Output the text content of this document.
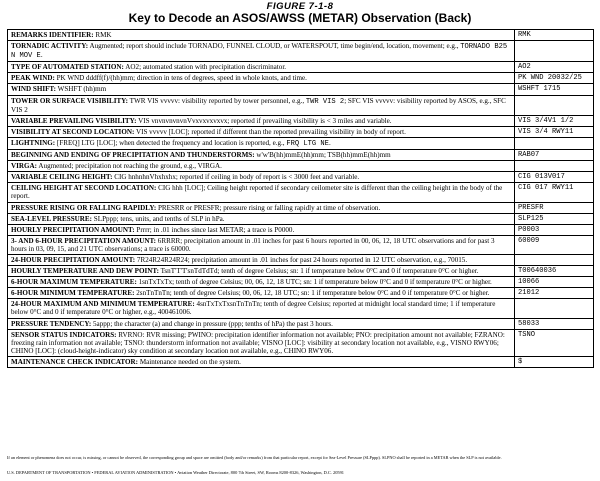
FIGURE 7-1-8
Key to Decode an ASOS/AWSS (METAR) Observation (Back)
REMARKS IDENTIFIER: RMK	RMK
TORNADIC ACTIVITY: Augmented; report should include TORNADO, FUNNEL CLOUD, or WATERSPOUT, time begin/end, location, movement; e.g., TORNADO B25 N MOV E.	
TYPE OF AUTOMATED STATION: AO2; automated station with precipitation discriminator.	AO2
PEAK WIND: PK WND dddff(f)/(hh)mm; direction in tens of degrees, speed in whole knots, and time.	PK WND 20032/25
WIND SHIFT: WSHFT (hh)mm	WSHFT 1715
TOWER OR SURFACE VISIBILITY: TWR VIS vvvvv: visibility reported by tower personnel, e.g., TWR VIS 2; SFC VIS vvvvv: visibility reported by ASOS, e.g., SFC VIS 2	
VARIABLE PREVAILING VISIBILITY: VIS vnvnvnvnvnVvxvxvxvxvx; reported if prevailing visibility is < 3 miles and variable.	VIS 3/4V1 1/2
VISIBILITY AT SECOND LOCATION: VIS vvvvv [LOC]; reported if different than the reported prevailing visibility in body of report.	VIS 3/4 RWY11
LIGHTNING: [FREQ] LTG [LOC]; when detected the frequency and location is reported, e.g., FRQ LTG NE.	
BEGINNING AND ENDING OF PRECIPITATION AND THUNDERSTORMS: w'w'B(hh)mmE(hh)mm; TSB(hh)mmE(hh)mm	RAB07
VIRGA: Augmented; precipitation not reaching the ground, e.g., VIRGA.	
VARIABLE CEILING HEIGHT: CIG hnhnhnVhxhxhx; reported if ceiling in body of report is < 3000 feet and variable.	CIG 013V017
CEILING HEIGHT AT SECOND LOCATION: CIG hhh [LOC]; Ceiling height reported if secondary ceilometer site is different than the ceiling height in the body of the report.	CIG 017 RWY11
PRESSURE RISING OR FALLING RAPIDLY: PRESRR or PRESFR; pressure rising or falling rapidly at time of observation.	PRESFR
SEA-LEVEL PRESSURE: SLPppp; tens, units, and tenths of SLP in hPa.	SLP125
HOURLY PRECIPITATION AMOUNT: Prrrr; in .01 inches since last METAR; a trace is P0000.	P0003
3- AND 6-HOUR PRECIPITATION AMOUNT: 6RRRR; precipitation amount in .01 inches for past 6 hours reported in 00, 06, 12, 18 UTC observations and for past 3 hours in 03, 09, 15, and 21 UTC observations; a trace is 60000.	60009
24-HOUR PRECIPITATION AMOUNT: 7R24R24R24R24; precipitation amount in .01 inches for past 24 hours reported in 12 UTC observation, e.g., 70015.	
HOURLY TEMPERATURE AND DEW POINT: TsnT'T'T'snTdTdTd; tenth of degree Celsius; sn: 1 if temperature below 0°C and 0 if temperature 0°C or higher.	T00640036
6-HOUR MAXIMUM TEMPERATURE: 1snTxTxTx; tenth of degree Celsius; 00, 06, 12, 18 UTC; sn: 1 if temperature below 0°C and 0 if temperature 0°C or higher.	10066
6-HOUR MINIMUM TEMPERATURE: 2snTnTnTn; tenth of degree Celsius; 00, 06, 12, 18 UTC; sn: 1 if temperature below 0°C and 0 if temperature 0°C or higher.	21012
24-HOUR MAXIMUM AND MINIMUM TEMPERATURE: 4snTxTxTxsnTnTnTn; tenth of degree Celsius; reported at midnight local standard time; 1 if temperature below 0°C and 0 if temperature 0°C or higher, e.g., 400461006.	
PRESSURE TENDENCY: 5appp; the character (a) and change in pressure (ppp; tenths of hPa) the past 3 hours.	58033
SENSOR STATUS INDICATORS: RVRNO: RVR missing; PWINO: precipitation identifier information not available; PNO: precipitation amount not available; FZRANO: freezing rain information not available; TSNO: thunderstorm information not available; VISNO [LOC]: visibility at secondary location not available, e.g., VISNO RWY06; CHINO [LOC]: (cloud-height-indicator) sky condition at secondary location not available, e.g., CHINO RWY06.	TSNO
MAINTENANCE CHECK INDICATOR: Maintenance needed on the system.	$
If an element or phenomena does not occur, is missing, or cannot be observed, the corresponding group and space are omitted (body and/or remarks) from that particular report, except for Sea-Level Pressure (SLPppp). SLPNO shall be reported in a METAR when the SLP is not available.
U.S. DEPARTMENT OF TRANSPORTATION • FEDERAL AVIATION ADMINISTRATION • Aviation Weather Directorate, 800 7th Street, SW, Rooms 8200-8326, Washington, D.C. 20591
